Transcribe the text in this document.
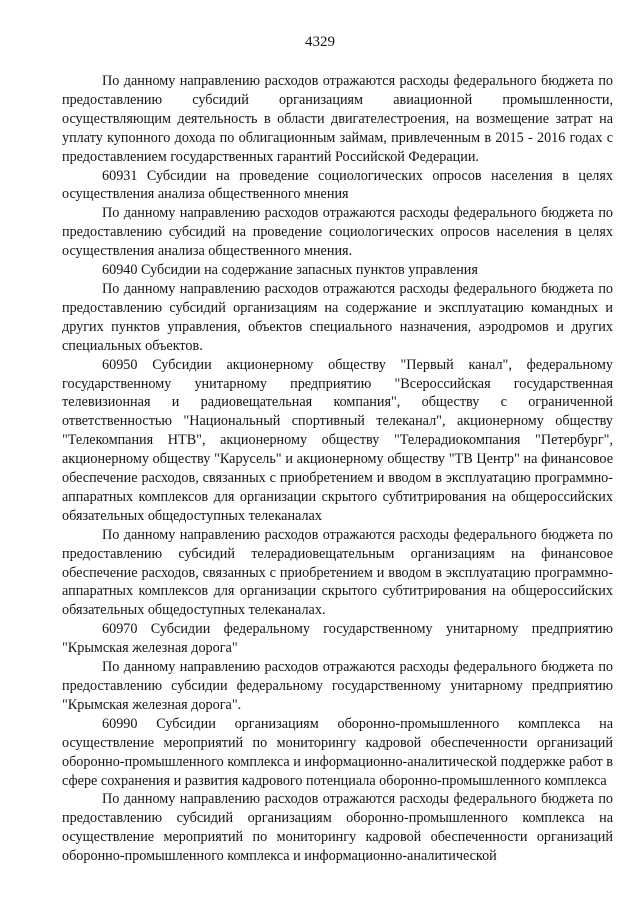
4329

По данному направлению расходов отражаются расходы федерального бюджета по предоставлению субсидий организациям авиационной промышленности, осуществляющим деятельность в области двигателестроения, на возмещение затрат на уплату купонного дохода по облигационным займам, привлеченным в 2015 - 2016 годах с предоставлением государственных гарантий Российской Федерации.

60931 Субсидии на проведение социологических опросов населения в целях осуществления анализа общественного мнения

По данному направлению расходов отражаются расходы федерального бюджета по предоставлению субсидий на проведение социологических опросов населения в целях осуществления анализа общественного мнения.

60940 Субсидии на содержание запасных пунктов управления

По данному направлению расходов отражаются расходы федерального бюджета по предоставлению субсидий организациям на содержание и эксплуатацию командных и других пунктов управления, объектов специального назначения, аэродромов и других специальных объектов.

60950 Субсидии акционерному обществу "Первый канал", федеральному государственному унитарному предприятию "Всероссийская государственная телевизионная и радиовещательная компания", обществу с ограниченной ответственностью "Национальный спортивный телеканал", акционерному обществу "Телекомпания НТВ", акционерному обществу "Телерадиокомпания "Петербург", акционерному обществу "Карусель" и акционерному обществу "ТВ Центр" на финансовое обеспечение расходов, связанных с приобретением и вводом в эксплуатацию программно-аппаратных комплексов для организации скрытого субтитрирования на общероссийских обязательных общедоступных телеканалах

По данному направлению расходов отражаются расходы федерального бюджета по предоставлению субсидий телерадиовещательным организациям на финансовое обеспечение расходов, связанных с приобретением и вводом в эксплуатацию программно-аппаратных комплексов для организации скрытого субтитрирования на общероссийских обязательных общедоступных телеканалах.

60970 Субсидии федеральному государственному унитарному предприятию "Крымская железная дорога"

По данному направлению расходов отражаются расходы федерального бюджета по предоставлению субсидии федеральному государственному унитарному предприятию "Крымская железная дорога".

60990 Субсидии организациям оборонно-промышленного комплекса на осуществление мероприятий по мониторингу кадровой обеспеченности организаций оборонно-промышленного комплекса и информационно-аналитической поддержке работ в сфере сохранения и развития кадрового потенциала оборонно-промышленного комплекса

По данному направлению расходов отражаются расходы федерального бюджета по предоставлению субсидий организациям оборонно-промышленного комплекса на осуществление мероприятий по мониторингу кадровой обеспеченности организаций оборонно-промышленного комплекса и информационно-аналитической
